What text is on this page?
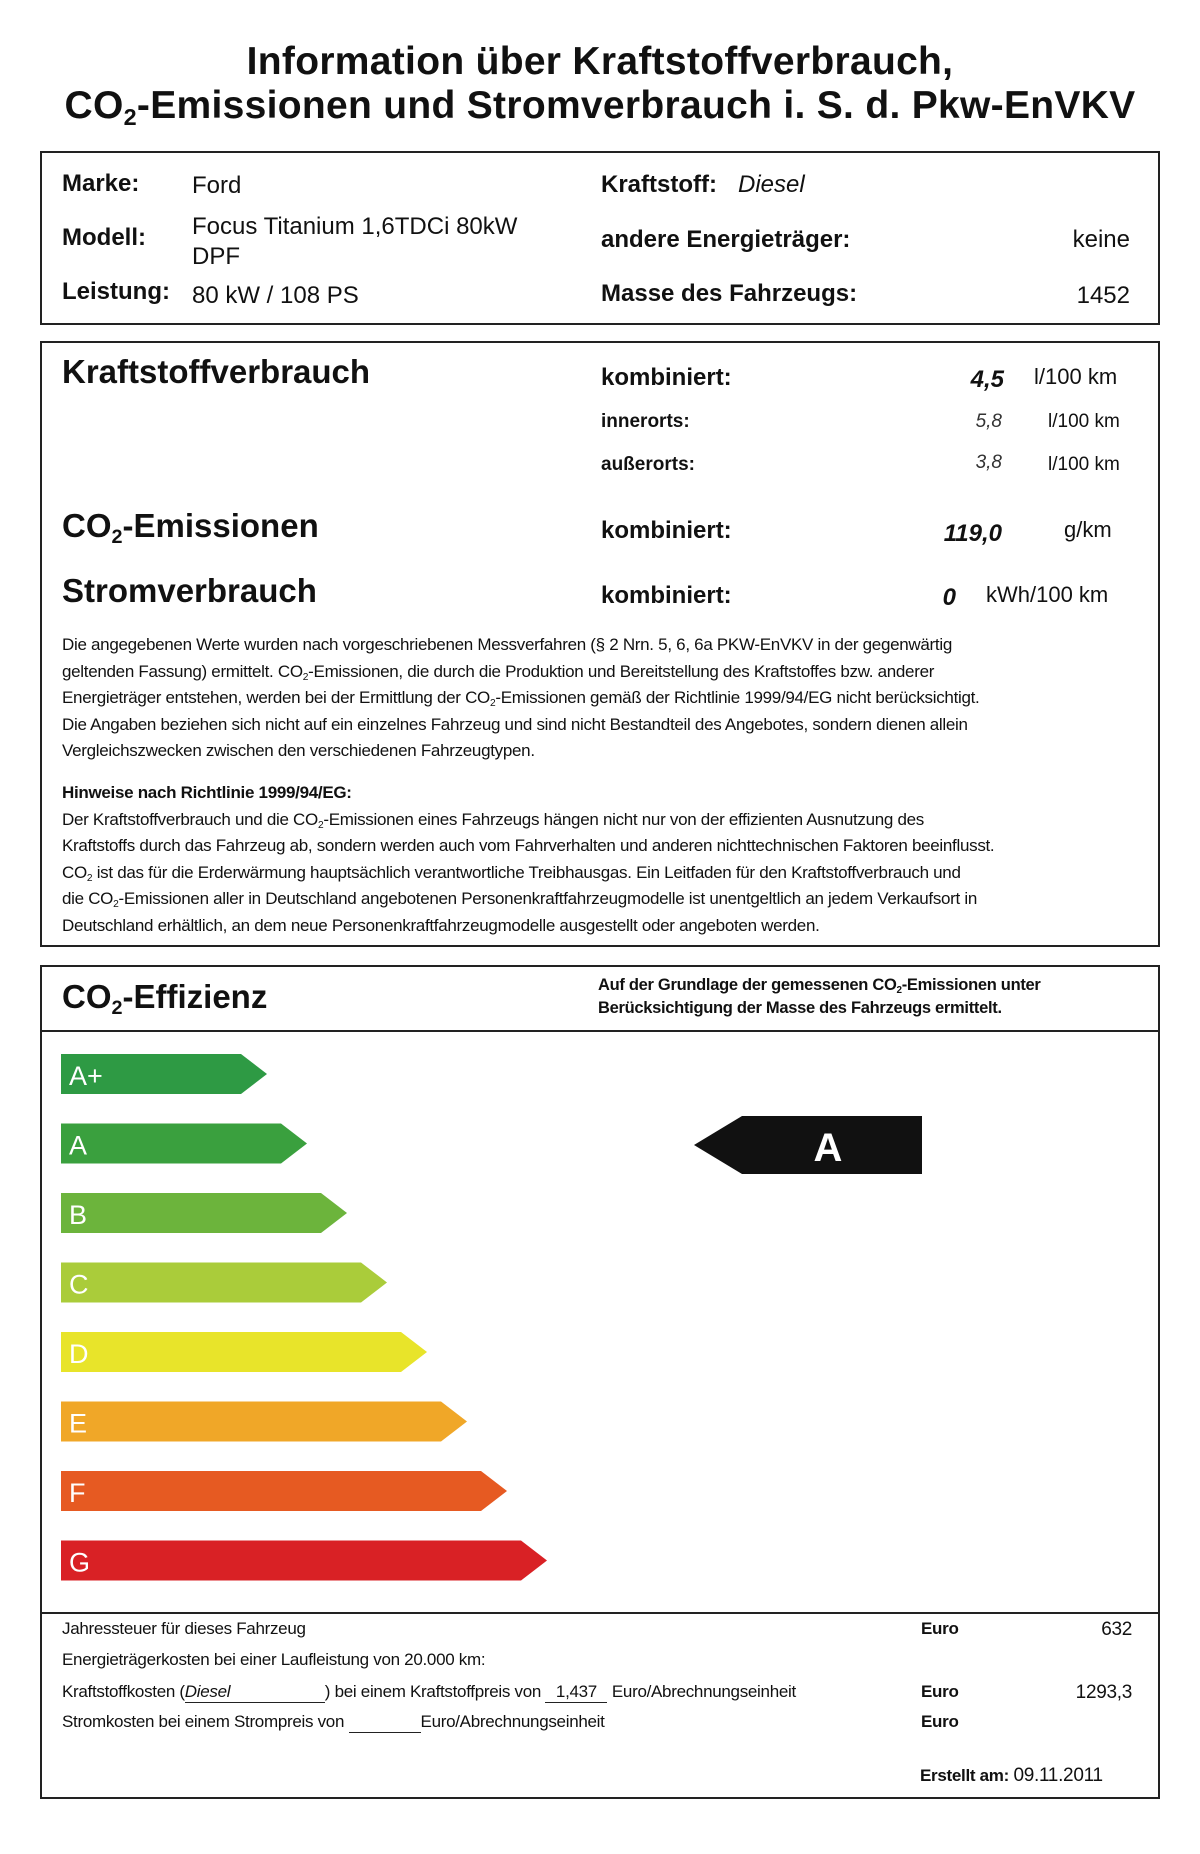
Information über Kraftstoffverbrauch,
$CO_2$-Emissionen und Stromverbrauch i. S. d. Pkw-EnVKV
Marke: Ford
Modell: Focus Titanium 1,6TDCi 80kW
DPF
Leistung: 80 kW / 108 PS
Kraftstoff: Diesel
andere Energieträger:	keine
Masse des Fahrzeugs:	1452
Kraftstoffverbrauch	kombiniert:	4,5 l/100 km
innerorts:	5,8 l/100 km
außerorts:	3,8 l/100 km
$CO_2$-Emissionen	kombiniert:	119,0	g/km
Stromverbrauch	kombiniert:	0 kWh/100 km
Die angegebenen Werte wurden nach vorgeschriebenen Messverfahren (§ 2 Nrn. 5, 6, 6a PKW-EnVKV in der gegenwärtig
geltenden Fassung) ermittelt. $CO_2$-Emissionen, die durch die Produktion und Bereitstellung des Kraftstoffes bzw. anderer
Energieträger entstehen, werden bei der Ermittlung der $CO_2$-Emissionen gemäß der Richtlinie 1999/94/EG nicht berücksichtigt.
Die Angaben beziehen sich nicht auf ein einzelnes Fahrzeug und sind nicht Bestandteil des Angebotes, sondern dienen allein
Vergleichszwecken zwischen den verschiedenen Fahrzeugtypen.
Hinweise nach Richtlinie 1999/94/EG:
Der Kraftstoffverbrauch und die $CO_2$-Emissionen eines Fahrzeugs hängen nicht nur von der effizienten Ausnutzung des
Kraftstoffs durch das Fahrzeug ab, sondern werden auch vom Fahrverhalten und anderen nichttechnischen Faktoren beeinflusst.
$CO_2$ ist das für die Erderwärmung hauptsächlich verantwortliche Treibhausgas. Ein Leitfaden für den Kraftstoffverbrauch und
die $CO_2$-Emissionen aller in Deutschland angebotenen Personenkraftfahrzeugmodelle ist unentgeltlich an jedem Verkaufsort in
Deutschland erhältlich, an dem neue Personenkraftfahrzeugmodelle ausgestellt oder angeboten werden.
$CO_2$-Effizienz	Auf der Grundlage der gemessenen $CO_2$-Emissionen unter
Berücksichtigung der Masse des Fahrzeugs ermittelt.
A+
A
B
C
D
E
F
G
A
Jahressteuer für dieses Fahrzeug	Euro	632
Energieträgerkosten bei einer Laufleistung von 20.000 km:
Kraftstoffkosten (Diesel	) bei einem Kraftstoffpreis von 1,437 Euro/Abrechnungseinheit	Euro	1293,3
Stromkosten bei einem Strompreis von	Euro/Abrechnungseinheit	Euro
Erstellt am: 09.11.2011
